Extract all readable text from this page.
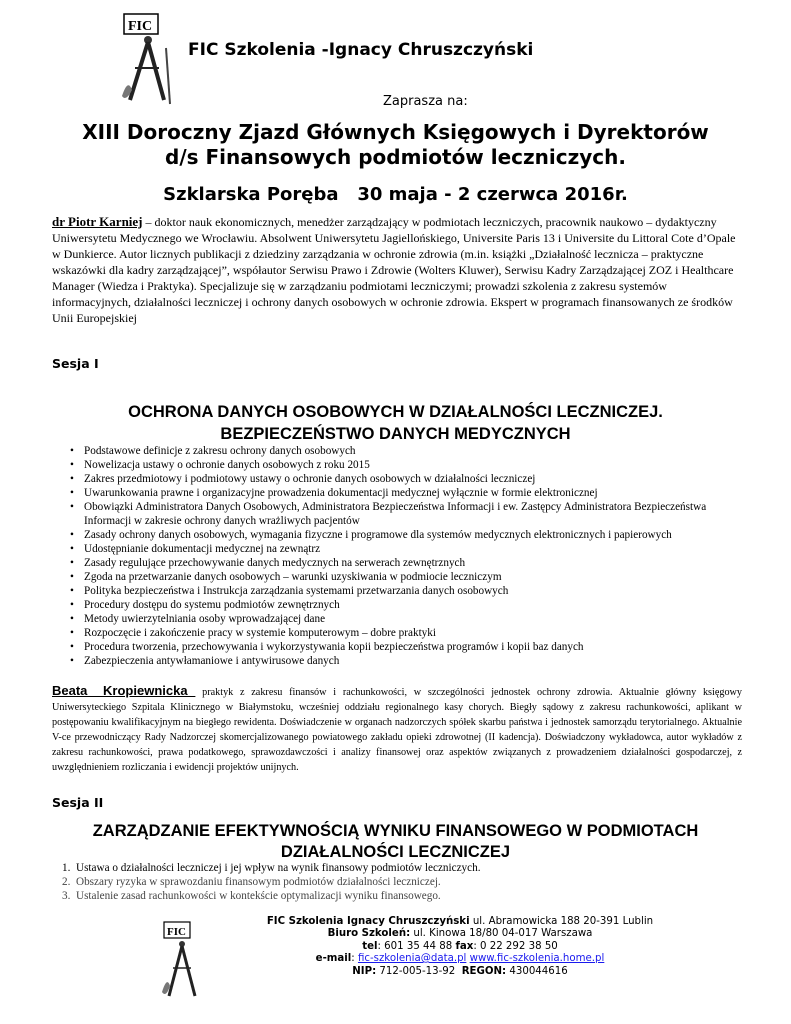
FIC
FIC Szkolenia -Ignacy Chruszczyński
Zaprasza na:
XIII Doroczny Zjazd Głównych Księgowych i Dyrektorów
d/s Finansowych podmiotów leczniczych.
Szklarska Poręba   30 maja - 2 czerwca 2016r.
dr Piotr Karniej – doktor nauk ekonomicznych, menedżer zarządzający w podmiotach leczniczych, pracownik naukowo – dydaktyczny Uniwersytetu Medycznego we Wrocławiu. Absolwent Uniwersytetu Jagiellońskiego, Universite Paris 13 i Universite du Littoral Cote d’Opale w Dunkierce. Autor licznych publikacji z dziedziny zarządzania w ochronie zdrowia (m.in. książki „Działalność lecznicza – praktyczne wskazówki dla kadry zarządzającej”, współautor Serwisu Prawo i Zdrowie (Wolters Kluwer), Serwisu Kadry Zarządzającej ZOZ i Healthcare Manager (Wiedza i Praktyka). Specjalizuje się w zarządzaniu podmiotami leczniczymi; prowadzi szkolenia z zakresu systemów informacyjnych, działalności leczniczej i ochrony danych osobowych w ochronie zdrowia. Ekspert w programach finansowanych ze środków Unii Europejskiej
Sesja I
OCHRONA DANYCH OSOBOWYCH W DZIAŁALNOŚCI LECZNICZEJ.
BEZPIECZEŃSTWO DANYCH MEDYCZNYCH
• Podstawowe definicje z zakresu ochrony danych osobowych
• Nowelizacja ustawy o ochronie danych osobowych z roku 2015
• Zakres przedmiotowy i podmiotowy ustawy o ochronie danych osobowych w działalności leczniczej
• Uwarunkowania prawne i organizacyjne prowadzenia dokumentacji medycznej wyłącznie w formie elektronicznej
• Obowiązki Administratora Danych Osobowych, Administratora Bezpieczeństwa Informacji i ew. Zastępcy Administratora Bezpieczeństwa Informacji w zakresie ochrony danych wrażliwych pacjentów
• Zasady ochrony danych osobowych, wymagania fizyczne i programowe dla systemów medycznych elektronicznych i papierowych
• Udostępnianie dokumentacji medycznej na zewnątrz
• Zasady regulujące przechowywanie danych medycznych na serwerach zewnętrznych
• Zgoda na przetwarzanie danych osobowych – warunki uzyskiwania w podmiocie leczniczym
• Polityka bezpieczeństwa i Instrukcja zarządzania systemami przetwarzania danych osobowych
• Procedury dostępu do systemu podmiotów zewnętrznych
• Metody uwierzytelniania osoby wprowadzającej dane
• Rozpoczęcie i zakończenie pracy w systemie komputerowym – dobre praktyki
• Procedura tworzenia, przechowywania i wykorzystywania kopii bezpieczeństwa programów i kopii baz danych
• Zabezpieczenia antywłamaniowe i antywirusowe danych
Beata  Kropiewnicka  praktyk z zakresu finansów i rachunkowości, w szczególności jednostek ochrony zdrowia. Aktualnie główny księgowy Uniwersyteckiego Szpitala Klinicznego w Białymstoku, wcześniej oddziału regionalnego kasy chorych. Biegły sądowy z zakresu rachunkowości, aplikant w postępowaniu kwalifikacyjnym na biegłego rewidenta. Doświadczenie w organach nadzorczych spółek skarbu państwa i jednostek samorządu terytorialnego. Aktualnie V-ce przewodniczący Rady Nadzorczej skomercjalizowanego powiatowego zakładu opieki zdrowotnej (II kadencja). Doświadczony wykładowca, autor wykładów z zakresu rachunkowości, prawa podatkowego, sprawozdawczości i analizy finansowej oraz aspektów związanych z prowadzeniem działalności gospodarczej, z uwzględnieniem rozliczania i ewidencji projektów unijnych.
Sesja II
ZARZĄDZANIE EFEKTYWNOŚCIĄ WYNIKU FINANSOWEGO W PODMIOTACH
DZIAŁALNOŚCI LECZNICZEJ
1. Ustawa o działalności leczniczej i jej wpływ na wynik finansowy podmiotów leczniczych.
2. Obszary ryzyka w sprawozdaniu finansowym podmiotów działalności leczniczej.
3. Ustalenie zasad rachunkowości w kontekście optymalizacji wyniku finansowego.
FIC
FIC Szkolenia Ignacy Chruszczyński ul. Abramowicka 188 20-391 Lublin
Biuro Szkoleń: ul. Kinowa 18/80 04-017 Warszawa
tel: 601 35 44 88 fax: 0 22 292 38 50
e-mail: fic-szkolenia@data.pl www.fic-szkolenia.home.pl
NIP: 712-005-13-92  REGON: 430044616
